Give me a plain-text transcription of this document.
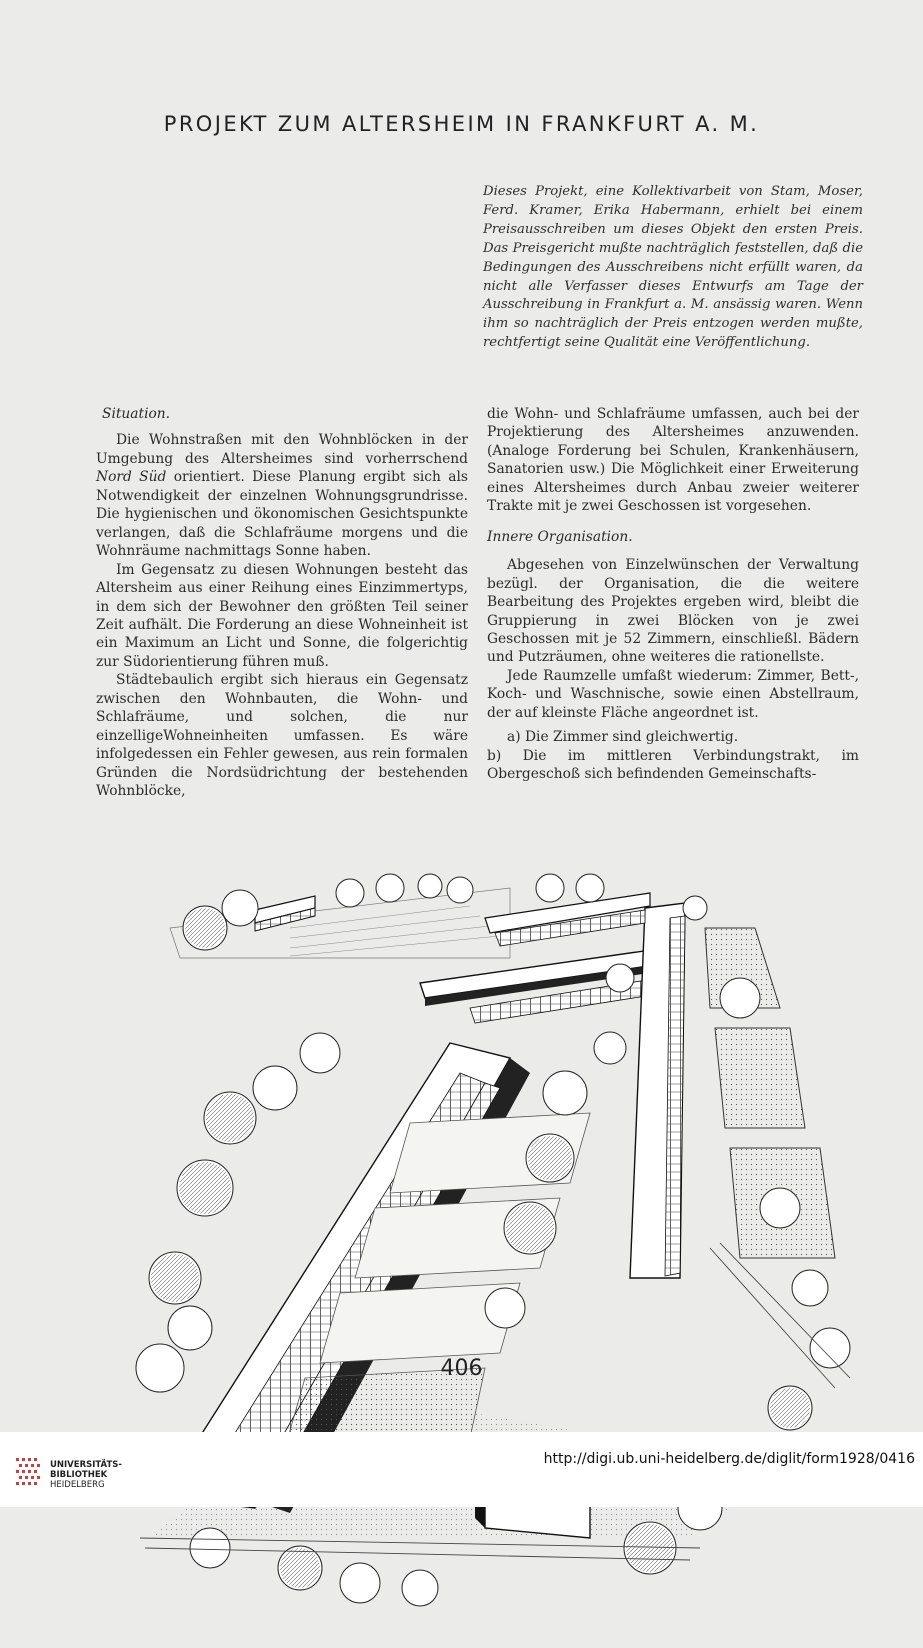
PROJEKT ZUM ALTERSHEIM IN FRANKFURT A. M.
Dieses Projekt, eine Kollektivarbeit von Stam, Moser, Ferd. Kramer, Erika Habermann, erhielt bei einem Preisausschreiben um dieses Objekt den ersten Preis. Das Preisgericht mußte nachträglich feststellen, daß die Bedingungen des Ausschreibens nicht erfüllt waren, da nicht alle Verfasser dieses Entwurfs am Tage der Ausschreibung in Frankfurt a. M. ansässig waren. Wenn ihm so nachträglich der Preis entzogen werden mußte, rechtfertigt seine Qualität eine Veröffentlichung.

Situation.

Die Wohnstraßen mit den Wohnblöcken in der Umgebung des Altersheimes sind vorherrschend Nord Süd orientiert. Diese Planung ergibt sich als Notwendigkeit der einzelnen Wohnungsgrundrisse. Die hygienischen und ökonomischen Gesichtspunkte verlangen, daß die Schlafräume morgens und die Wohnräume nachmittags Sonne haben.

Im Gegensatz zu diesen Wohnungen besteht das Altersheim aus einer Reihung eines Einzimmertyps, in dem sich der Bewohner den größten Teil seiner Zeit aufhält. Die Forderung an diese Wohneinheit ist ein Maximum an Licht und Sonne, die folgerichtig zur Südorientierung führen muß.

Städtebaulich ergibt sich hieraus ein Gegensatz zwischen den Wohnbauten, die Wohn- und Schlafräume, und solchen, die nur einzelligeWohneinheiten umfassen. Es wäre infolgedessen ein Fehler gewesen, aus rein formalen Gründen die Nordsüdrichtung der bestehenden Wohnblöcke,

die Wohn- und Schlafräume umfassen, auch bei der Projektierung des Altersheimes anzuwenden. (Analoge Forderung bei Schulen, Krankenhäusern, Sanatorien usw.) Die Möglichkeit einer Erweiterung eines Altersheimes durch Anbau zweier weiterer Trakte mit je zwei Geschossen ist vorgesehen.

Innere Organisation.

Abgesehen von Einzelwünschen der Verwaltung bezügl. der Organisation, die die weitere Bearbeitung des Projektes ergeben wird, bleibt die Gruppierung in zwei Blöcken von je zwei Geschossen mit je 52 Zimmern, einschließl. Bädern und Putzräumen, ohne weiteres die rationellste.

Jede Raumzelle umfaßt wiederum: Zimmer, Bett-, Koch- und Waschnische, sowie einen Abstellraum, der auf kleinste Fläche angeordnet ist.

a) Die Zimmer sind gleichwertig.

b) Die im mittleren Verbindungstrakt, im Obergeschoß sich befindenden Gemeinschafts-

406
UNIVERSITÄTS-
BIBLIOTHEK
HEIDELBERG
http://digi.ub.uni-heidelberg.de/diglit/form1928/0416
